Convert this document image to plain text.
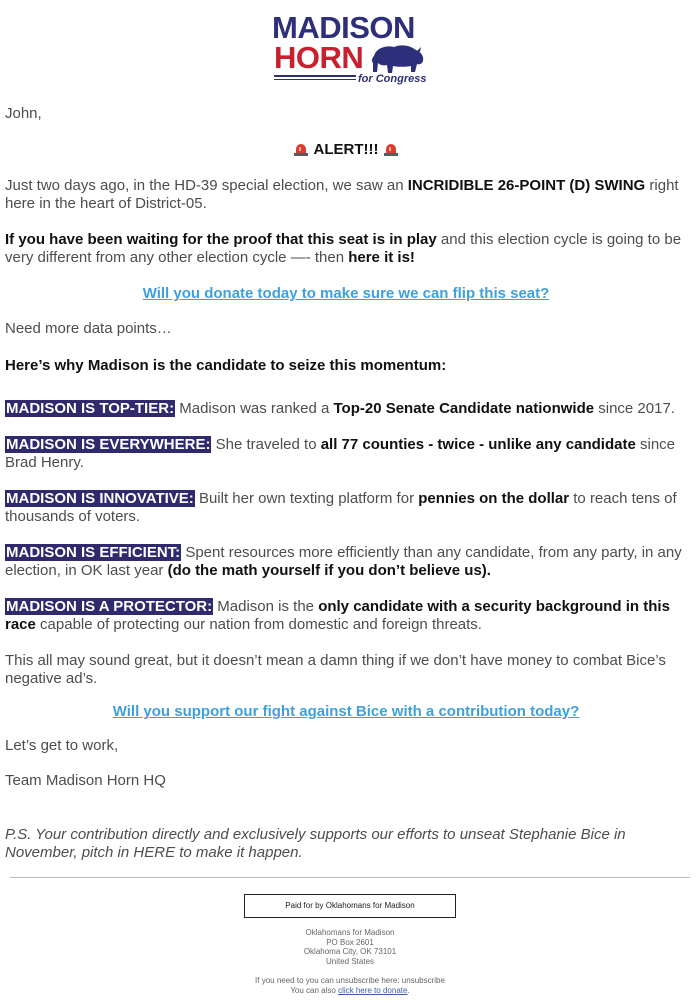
MADISON
HORN
for Congress

John,

ALERT!!!

Just two days ago, in the HD-39 special election, we saw an INCRIDIBLE 26-POINT (D) SWING right here in the heart of District-05.

If you have been waiting for the proof that this seat is in play and this election cycle is going to be very different from any other election cycle —- then here it is!

Will you donate today to make sure we can flip this seat?

Need more data points…

Here’s why Madison is the candidate to seize this momentum:

MADISON IS TOP-TIER: Madison was ranked a Top-20 Senate Candidate nationwide since 2017.

MADISON IS EVERYWHERE: She traveled to all 77 counties - twice - unlike any candidate since Brad Henry.

MADISON IS INNOVATIVE: Built her own texting platform for pennies on the dollar to reach tens of thousands of voters.

MADISON IS EFFICIENT: Spent resources more efficiently than any candidate, from any party, in any election, in OK last year (do the math yourself if you don’t believe us).

MADISON IS A PROTECTOR: Madison is the only candidate with a security background in this race capable of protecting our nation from domestic and foreign threats.

This all may sound great, but it doesn’t mean a damn thing if we don’t have money to combat Bice’s negative ad’s.

Will you support our fight against Bice with a contribution today?

Let’s get to work,

Team Madison Horn HQ

P.S. Your contribution directly and exclusively supports our efforts to unseat Stephanie Bice in November, pitch in HERE to make it happen.

Paid for by Oklahomans for Madison
Oklahomans for Madison
PO Box 2601
Oklahoma City, OK 73101
United States
If you need to you can unsubscribe here: unsubscribe
You can also click here to donate.
